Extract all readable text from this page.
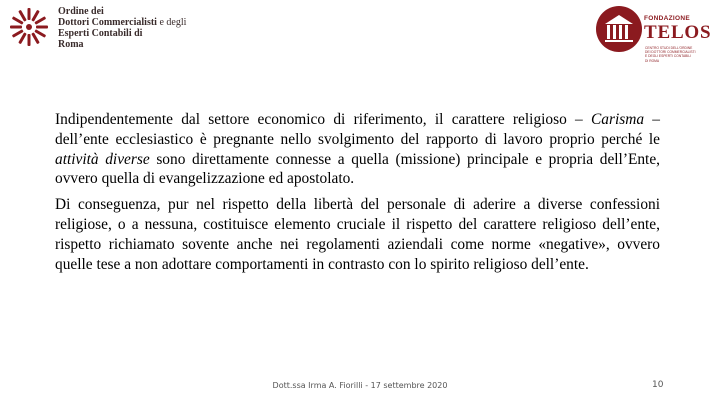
Ordine dei
Dottori Commercialisti e degli
Esperti Contabili di
Roma
FONDAZIONE
TELOS
CENTRO STUDI DELL'ORDINE
DEI DOTTORI COMMERCIALISTI
E DEGLI ESPERTI CONTABILI
DI ROMA

Indipendentemente dal settore economico di riferimento, il carattere religioso – Carisma – dell’ente ecclesiastico è pregnante nello svolgimento del rapporto di lavoro proprio perché le attività diverse sono direttamente connesse a quella (missione) principale e propria dell’Ente, ovvero quella di evangelizzazione ed apostolato.

Di conseguenza, pur nel rispetto della libertà del personale di aderire a diverse confessioni religiose, o a nessuna, costituisce elemento cruciale il rispetto del carattere religioso dell’ente, rispetto richiamato sovente anche nei regolamenti aziendali come norme «negative», ovvero quelle tese a non adottare comportamenti in contrasto con lo spirito religioso dell’ente.

Dott.ssa Irma A. Fiorilli - 17 settembre 2020	10
